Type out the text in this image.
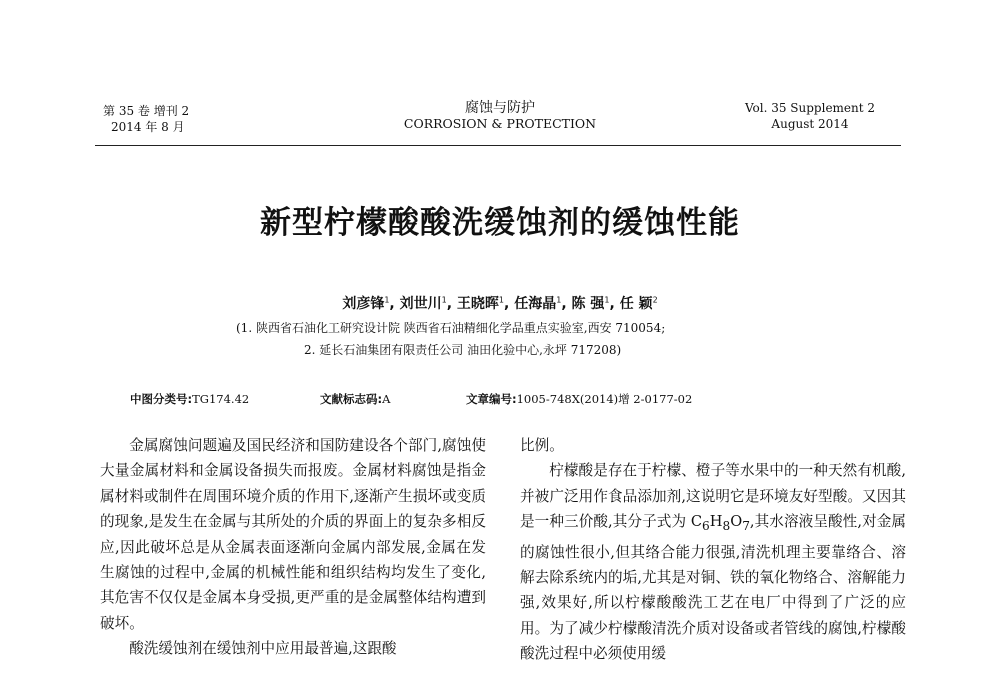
第 35 卷 增刊 2
2014 年 8 月
腐蚀与防护
CORROSION & PROTECTION
Vol. 35 Supplement 2
August 2014
新型柠檬酸酸洗缓蚀剂的缓蚀性能
刘彦锋$^1$, 刘世川$^1$, 王晓晖$^1$, 任海晶$^1$, 陈 强$^1$, 任 颖$^2$
(1. 陕西省石油化工研究设计院 陕西省石油精细化学品重点实验室,西安 710054;
2. 延长石油集团有限责任公司 油田化验中心,永坪 717208)
中图分类号:TG174.42	文献标志码:A	文章编号:1005-748X(2014)增 2-0177-02

金属腐蚀问题遍及国民经济和国防建设各个部门,腐蚀使大量金属材料和金属设备损失而报废。金属材料腐蚀是指金属材料或制件在周围环境介质的作用下,逐渐产生损坏或变质的现象,是发生在金属与其所处的介质的界面上的复杂多相反应,因此破坏总是从金属表面逐渐向金属内部发展,金属在发生腐蚀的过程中,金属的机械性能和组织结构均发生了变化,其危害不仅仅是金属本身受损,更严重的是金属整体结构遭到破坏。

酸洗缓蚀剂在缓蚀剂中应用最普遍,这跟酸

比例。

柠檬酸是存在于柠檬、橙子等水果中的一种天然有机酸,并被广泛用作食品添加剂,这说明它是环境友好型酸。又因其是一种三价酸,其分子式为 $C_6H_8O_7$,其水溶液呈酸性,对金属的腐蚀性很小,但其络合能力很强,清洗机理主要靠络合、溶解去除系统内的垢,尤其是对铜、铁的氧化物络合、溶解能力强,效果好,所以柠檬酸酸洗工艺在电厂中得到了广泛的应用。为了减少柠檬酸清洗介质对设备或者管线的腐蚀,柠檬酸酸洗过程中必须使用缓
